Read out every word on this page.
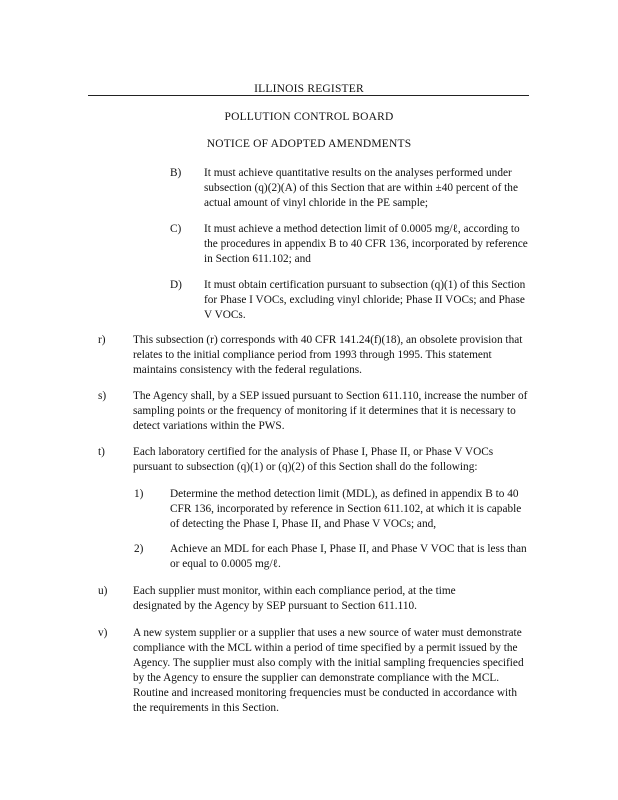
ILLINOIS REGISTER
POLLUTION CONTROL BOARD
NOTICE OF ADOPTED AMENDMENTS
B) It must achieve quantitative results on the analyses performed under subsection (q)(2)(A) of this Section that are within ±40 percent of the actual amount of vinyl chloride in the PE sample;

C) It must achieve a method detection limit of 0.0005 mg/ℓ, according to the procedures in appendix B to 40 CFR 136, incorporated by reference in Section 611.102; and

D) It must obtain certification pursuant to subsection (q)(1) of this Section for Phase I VOCs, excluding vinyl chloride; Phase II VOCs; and Phase V VOCs.

r) This subsection (r) corresponds with 40 CFR 141.24(f)(18), an obsolete provision that relates to the initial compliance period from 1993 through 1995. This statement maintains consistency with the federal regulations.

s) The Agency shall, by a SEP issued pursuant to Section 611.110, increase the number of sampling points or the frequency of monitoring if it determines that it is necessary to detect variations within the PWS.

t) Each laboratory certified for the analysis of Phase I, Phase II, or Phase V VOCs pursuant to subsection (q)(1) or (q)(2) of this Section shall do the following:

1) Determine the method detection limit (MDL), as defined in appendix B to 40 CFR 136, incorporated by reference in Section 611.102, at which it is capable of detecting the Phase I, Phase II, and Phase V VOCs; and,

2) Achieve an MDL for each Phase I, Phase II, and Phase V VOC that is less than or equal to 0.0005 mg/ℓ.

u) Each supplier must monitor, within each compliance period, at the time designated by the Agency by SEP pursuant to Section 611.110.

v) A new system supplier or a supplier that uses a new source of water must demonstrate compliance with the MCL within a period of time specified by a permit issued by the Agency. The supplier must also comply with the initial sampling frequencies specified by the Agency to ensure the supplier can demonstrate compliance with the MCL. Routine and increased monitoring frequencies must be conducted in accordance with the requirements in this Section.
